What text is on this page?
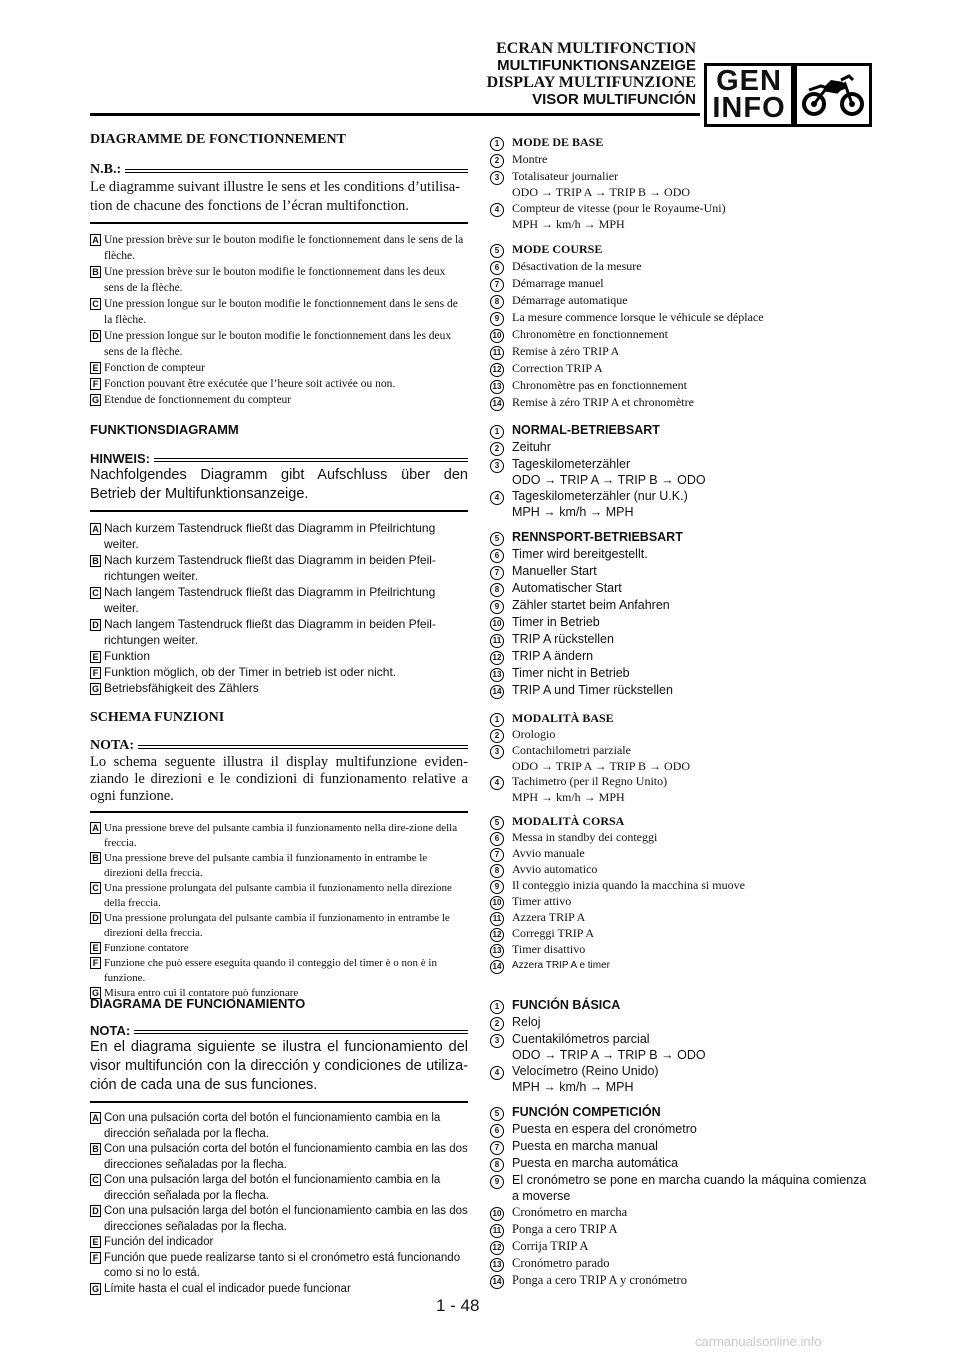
ECRAN MULTIFONCTION
MULTIFUNKTIONSANZEIGE
DISPLAY MULTIFUNZIONE
VISOR MULTIFUNCIÓN
GEN
INFO
DIAGRAMME DE FONCTIONNEMENT
N.B.:
Le diagramme suivant illustre le sens et les conditions d’utilisa-tion de chacune des fonctions de l’écran multifonction.
A Une pression brève sur le bouton modifie le fonctionnement dans le sens de la flèche.
B Une pression brève sur le bouton modifie le fonctionnement dans les deux sens de la flèche.
C Une pression longue sur le bouton modifie le fonctionnement dans le sens de la flèche.
D Une pression longue sur le bouton modifie le fonctionnement dans les deux sens de la flèche.
E Fonction de compteur
F Fonction pouvant être exécutée que l’heure soit activée ou non.
G Etendue de fonctionnement du compteur
FUNKTIONSDIAGRAMM
HINWEIS:
Nachfolgendes Diagramm gibt Aufschluss über den Betrieb der Multifunktionsanzeige.
A Nach kurzem Tastendruck fließt das Diagramm in Pfeilrichtung weiter.
B Nach kurzem Tastendruck fließt das Diagramm in beiden Pfeil-richtungen weiter.
C Nach langem Tastendruck fließt das Diagramm in Pfeilrichtung weiter.
D Nach langem Tastendruck fließt das Diagramm in beiden Pfeil-richtungen weiter.
E Funktion
F Funktion möglich, ob der Timer in betrieb ist oder nicht.
G Betriebsfähigkeit des Zählers
SCHEMA FUNZIONI
NOTA:
Lo schema seguente illustra il display multifunzione eviden-ziando le direzioni e le condizioni di funzionamento relative a ogni funzione.
A Una pressione breve del pulsante cambia il funzionamento nella dire-zione della freccia.
B Una pressione breve del pulsante cambia il funzionamento in entrambe le direzioni della freccia.
C Una pressione prolungata del pulsante cambia il funzionamento nella direzione della freccia.
D Una pressione prolungata del pulsante cambia il funzionamento in entrambe le direzioni della freccia.
E Funzione contatore
F Funzione che può essere eseguita quando il conteggio del timer è o non è in funzione.
G Misura entro cui il contatore può funzionare
DIAGRAMA DE FUNCIONAMIENTO
NOTA:
En el diagrama siguiente se ilustra el funcionamiento del visor multifunción con la dirección y condiciones de utiliza-ción de cada una de sus funciones.
A Con una pulsación corta del botón el funcionamiento cambia en la dirección señalada por la flecha.
B Con una pulsación corta del botón el funcionamiento cambia en las dos direcciones señaladas por la flecha.
C Con una pulsación larga del botón el funcionamiento cambia en la dirección señalada por la flecha.
D Con una pulsación larga del botón el funcionamiento cambia en las dos direcciones señaladas por la flecha.
E Función del indicador
F Función que puede realizarse tanto si el cronómetro está funcionando como si no lo está.
G Límite hasta el cual el indicador puede funcionar
1	MODE DE BASE
2	Montre
3	Totalisateur journalier
ODO → TRIP A → TRIP B → ODO
4	Compteur de vitesse (pour le Royaume-Uni)
MPH → km/h → MPH
5	MODE COURSE
6	Désactivation de la mesure
7	Démarrage manuel
8	Démarrage automatique
9	La mesure commence lorsque le véhicule se déplace
10 Chronomètre en fonctionnement
11 Remise à zéro TRIP A
12 Correction TRIP A
13 Chronomètre pas en fonctionnement
14 Remise à zéro TRIP A et chronomètre
1	NORMAL-BETRIEBSART
2	Zeituhr
3	Tageskilometerzähler
ODO → TRIP A → TRIP B → ODO
4	Tageskilometerzähler (nur U.K.)
MPH → km/h → MPH
5	RENNSPORT-BETRIEBSART
6	Timer wird bereitgestellt.
7	Manueller Start
8	Automatischer Start
9	Zähler startet beim Anfahren
10 Timer in Betrieb
11 TRIP A rückstellen
12 TRIP A ändern
13 Timer nicht in Betrieb
14 TRIP A und Timer rückstellen
1	MODALITÀ BASE
2	Orologio
3	Contachilometri parziale
ODO → TRIP A → TRIP B → ODO
4	Tachimetro (per il Regno Unito)
MPH → km/h → MPH
5	MODALITÀ CORSA
6	Messa in standby dei conteggi
7	Avvio manuale
8	Avvio automatico
9	Il conteggio inizia quando la macchina si muove
10 Timer attivo
11 Azzera TRIP A
12 Correggi TRIP A
13 Timer disattivo
14	Azzera TRIP A e timer
1	FUNCIÓN BÁSICA
2	Reloj
3	Cuentakilómetros parcial
ODO → TRIP A → TRIP B → ODO
4	Velocímetro (Reino Unido)
MPH → km/h → MPH
5	FUNCIÓN COMPETICIÓN
6	Puesta en espera del cronómetro
7	Puesta en marcha manual
8	Puesta en marcha automática
9	El cronómetro se pone en marcha cuando la máquina comienza a moverse
10 Cronómetro en marcha
11 Ponga a cero TRIP A
12 Corrija TRIP A
13 Cronómetro parado
14 Ponga a cero TRIP A y cronómetro
1 - 48
carmanualsonline.info
